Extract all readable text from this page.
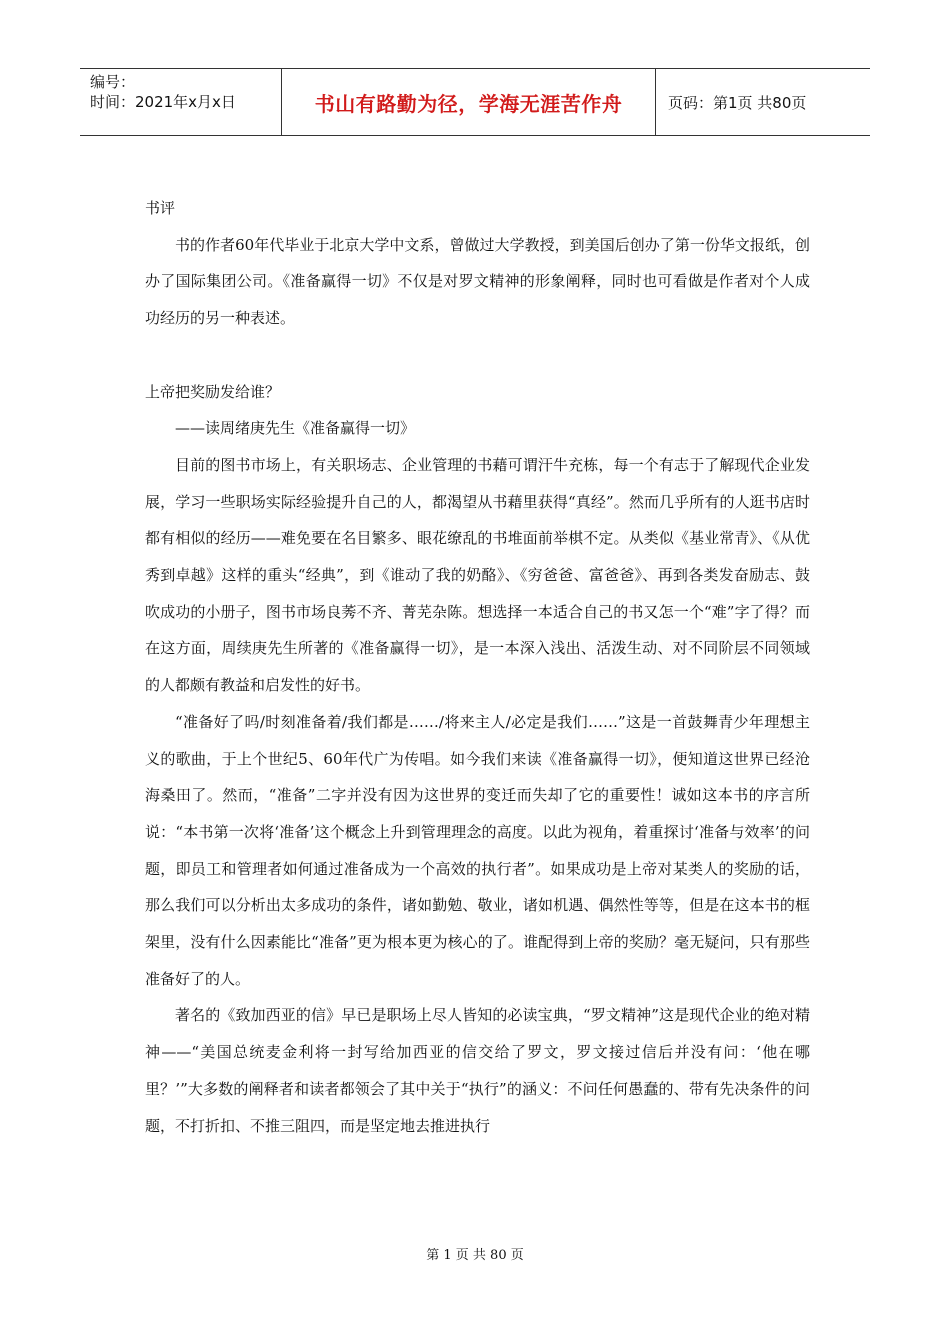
编号：
时间：2021年x月x日	书山有路勤为径，学海无涯苦作舟	页码：第1页 共80页

书评

书的作者60年代毕业于北京大学中文系，曾做过大学教授，到美国后创办了第一份华文报纸，创办了国际集团公司。《准备赢得一切》不仅是对罗文精神的形象阐释，同时也可看做是作者对个人成功经历的另一种表述。

上帝把奖励发给谁？

——读周绪庚先生《准备赢得一切》

目前的图书市场上，有关职场志、企业管理的书藉可谓汗牛充栋，每一个有志于了解现代企业发展，学习一些职场实际经验提升自己的人，都渴望从书藉里获得“真经”。然而几乎所有的人逛书店时都有相似的经历——难免要在名目繁多、眼花缭乱的书堆面前举棋不定。从类似《基业常青》、《从优秀到卓越》这样的重头“经典”，到《谁动了我的奶酪》、《穷爸爸、富爸爸》、再到各类发奋励志、鼓吹成功的小册子，图书市场良莠不齐、菁芜杂陈。想选择一本适合自己的书又怎一个“难”字了得？而在这方面，周续庚先生所著的《准备赢得一切》，是一本深入浅出、活泼生动、对不同阶层不同领域的人都颇有教益和启发性的好书。

“准备好了吗/时刻准备着/我们都是……/将来主人/必定是我们……”这是一首鼓舞青少年理想主义的歌曲，于上个世纪5、60年代广为传唱。如今我们来读《准备赢得一切》，便知道这世界已经沧海桑田了。然而，“准备”二字并没有因为这世界的变迁而失却了它的重要性！诚如这本书的序言所说：“本书第一次将‘准备’这个概念上升到管理理念的高度。以此为视角，着重探讨‘准备与效率’的问题，即员工和管理者如何通过准备成为一个高效的执行者”。如果成功是上帝对某类人的奖励的话，那么我们可以分析出太多成功的条件，诸如勤勉、敬业，诸如机遇、偶然性等等，但是在这本书的框架里，没有什么因素能比“准备”更为根本更为核心的了。谁配得到上帝的奖励？毫无疑问，只有那些准备好了的人。

著名的《致加西亚的信》早已是职场上尽人皆知的必读宝典，“罗文精神”这是现代企业的绝对精神——“美国总统麦金利将一封写给加西亚的信交给了罗文，罗文接过信后并没有问：‘他在哪里？’”大多数的阐释者和读者都领会了其中关于“执行”的涵义：不问任何愚蠢的、带有先决条件的问题，不打折扣、不推三阻四，而是坚定地去推进执行

第 1 页 共 80 页
